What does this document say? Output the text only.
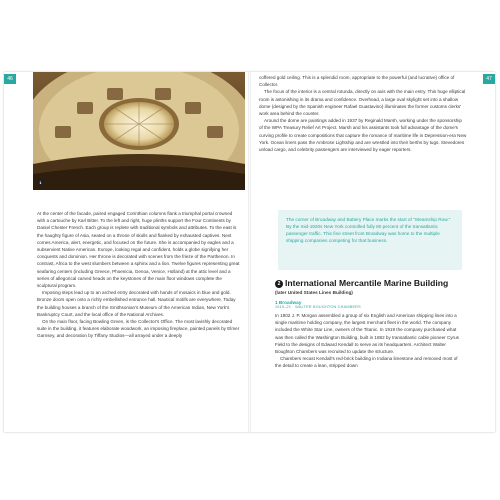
46	47
1

At the center of the facade, paired engaged Corinthian columns flank a triumphal portal crowned with a cartouche by Karl Bitter. To the left and right, huge plinths support the Four Continents by Daniel Chester French. Each group is replete with traditional symbols and attributes. To the east is the haughty figure of Asia, seated on a throne of skulls and flanked by exhausted captives. Next comes America, alert, energetic, and focused on the future. She is accompanied by eagles and a subservient Native American. Europe, looking regal and confident, holds a globe signifying her conquests and dominion. Her throne is decorated with scenes from the frieze of the Parthenon. In contrast, Africa to the west slumbers between a sphinx and a lion. Twelve figures representing great seafaring centers (including Greece, Phoenicia, Genoa, Venice, Holland) at the attic level and a series of allegorical carved heads on the keystones of the main floor windows complete the sculptural program.

Imposing steps lead up to an arched entry decorated with hands of mosaics in blue and gold. Bronze doors open onto a richly embellished entrance hall. Nautical motifs are everywhere. Today the building houses a branch of the Smithsonian's Museum of the American Indian, New York's Bankruptcy Court, and the local office of the National Archives.

On the main floor, facing Bowling Green, is the Collector's Office. The most lavishly decorated suite in the building, it features elaborate woodwork, an imposing fireplace, painted panels by Elmer Garnsey, and decoration by Tiffany Studios—all arrayed under a deeply

coffered gold ceiling. This is a splendid room, appropriate to the powerful (and lucrative) office of Collector.

The focus of the interior is a central rotunda, directly on axis with the main entry. This huge elliptical room is astonishing in its drama and confidence. Overhead, a large oval skylight set into a shallow dome (designed by the Spanish engineer Rafael Guastavino) illuminates the former customs clerks' work area behind the counter.

Around the dome are paintings added in 1937 by Reginald Marsh, working under the sponsorship of the WPA Treasury Relief Art Project. Marsh and his assistants took full advantage of the dome's curving profile to create compositions that capture the romance of maritime life in Depression-era New York. Ocean liners pass the Ambrose Lightship and are wrestled into their berths by tugs. Stevedores unload cargo, and celebrity passengers are interviewed by eager reporters.

The corner of Broadway and Battery Place marks the start of "Steamship Row." By the mid-1920s New York controlled fully 80 percent of the transatlantic passenger traffic. This fine street front Broadway was home to the multiple shipping companies competing for that business.
2 International Mercantile Marine Building

(later United States Lines Building)

1 Broadway

1919–21 · WALTER BOUGHTON CHAMBERS

In 1902 J. P. Morgan assembled a group of six English and American shipping lines into a single maritime holding company, the largest merchant fleet in the world. The company included the White Star Line, owners of the Titanic. In 1919 the company purchased what was then called the Washington Building, built in 1882 by transatlantic cable pioneer Cyrus Field to the designs of Edward Kendall to serve as its headquarters. Architect Walter Boughton Chambers was recruited to update the structure.

Chambers recast Kendall's red-brick building in Indiana limestone and removed most of the detail to create a lean, stripped down
